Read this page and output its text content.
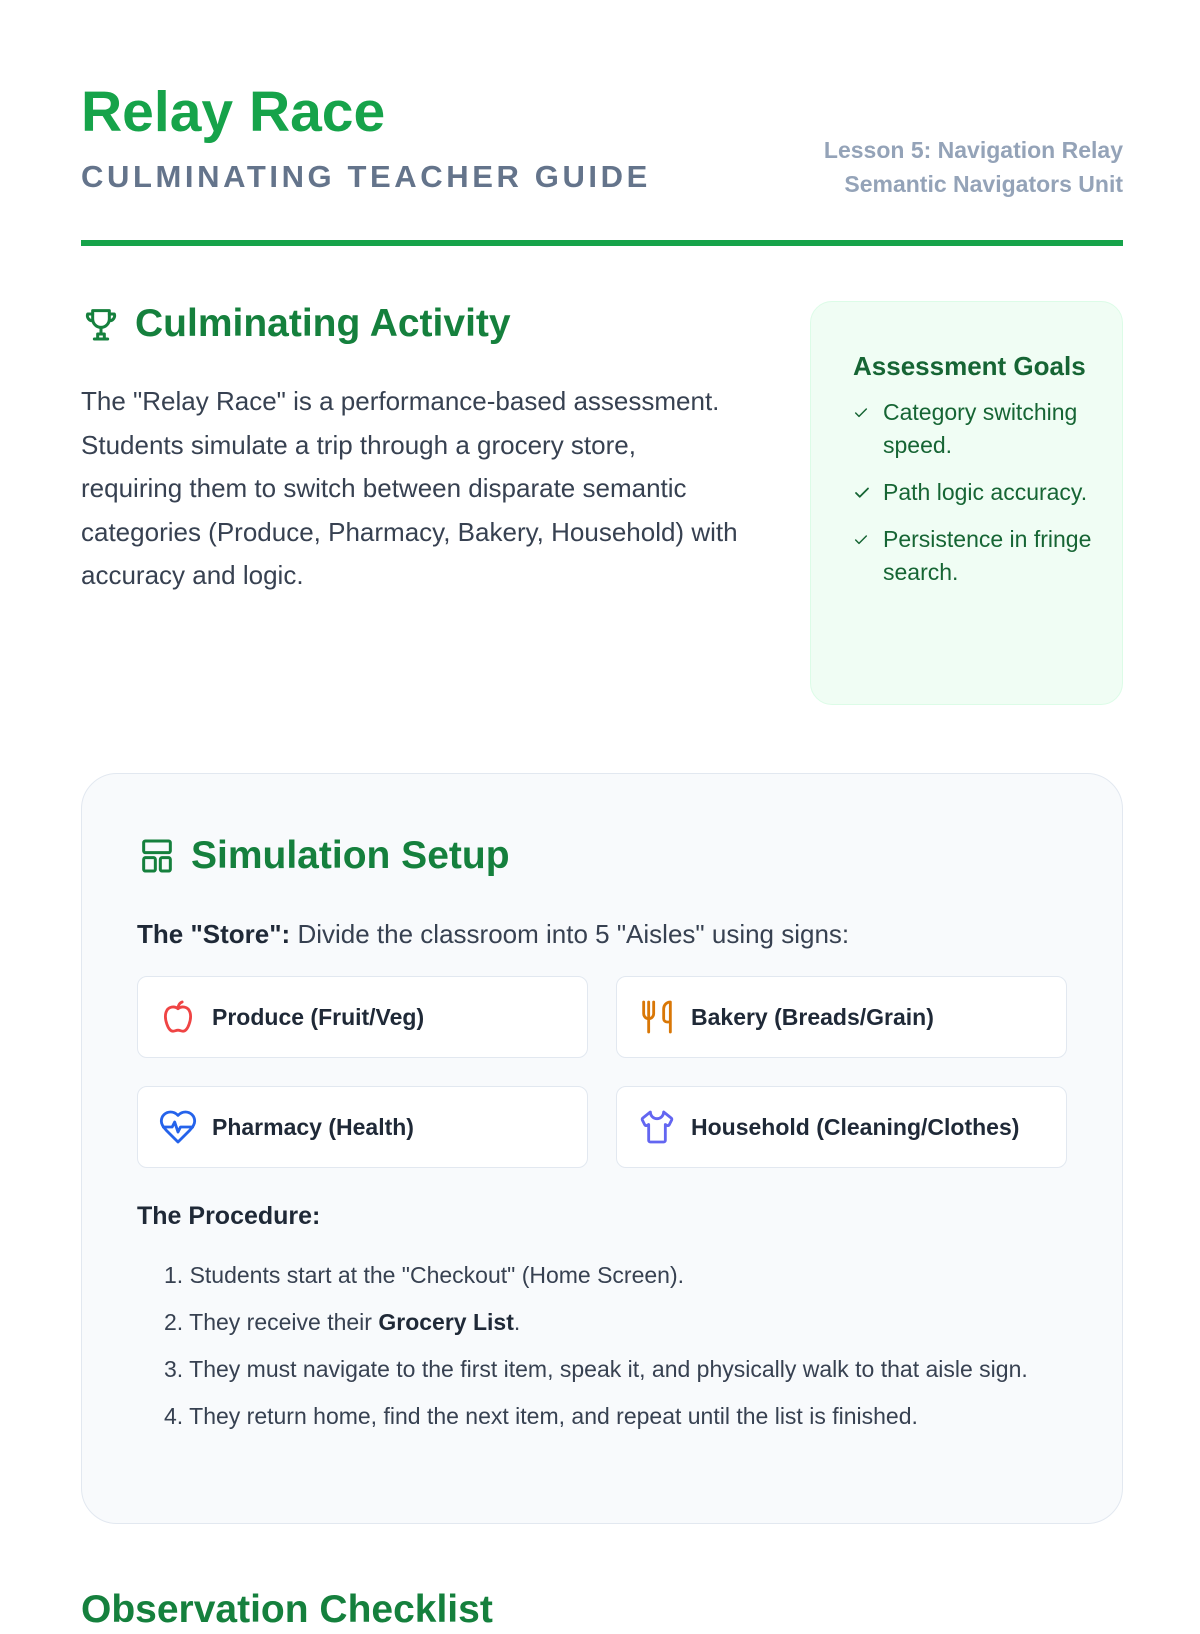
Relay Race
CULMINATING TEACHER GUIDE
Lesson 5: Navigation Relay
Semantic Navigators Unit
Culminating Activity

The "Relay Race" is a performance-based assessment. Students simulate a trip through a grocery store, requiring them to switch between disparate semantic categories (Produce, Pharmacy, Bakery, Household) with accuracy and logic.

Assessment Goals
Category switching speed.
Path logic accuracy.
Persistence in fringe search.
Simulation Setup

The "Store": Divide the classroom into 5 "Aisles" using signs:

Produce (Fruit/Veg)	Bakery (Breads/Grain)
Pharmacy (Health)	Household (Cleaning/Clothes)
The Procedure:
1. Students start at the "Checkout" (Home Screen).
2. They receive their Grocery List.
3. They must navigate to the first item, speak it, and physically walk to that aisle sign.
4. They return home, find the next item, and repeat until the list is finished.
Observation Checklist
